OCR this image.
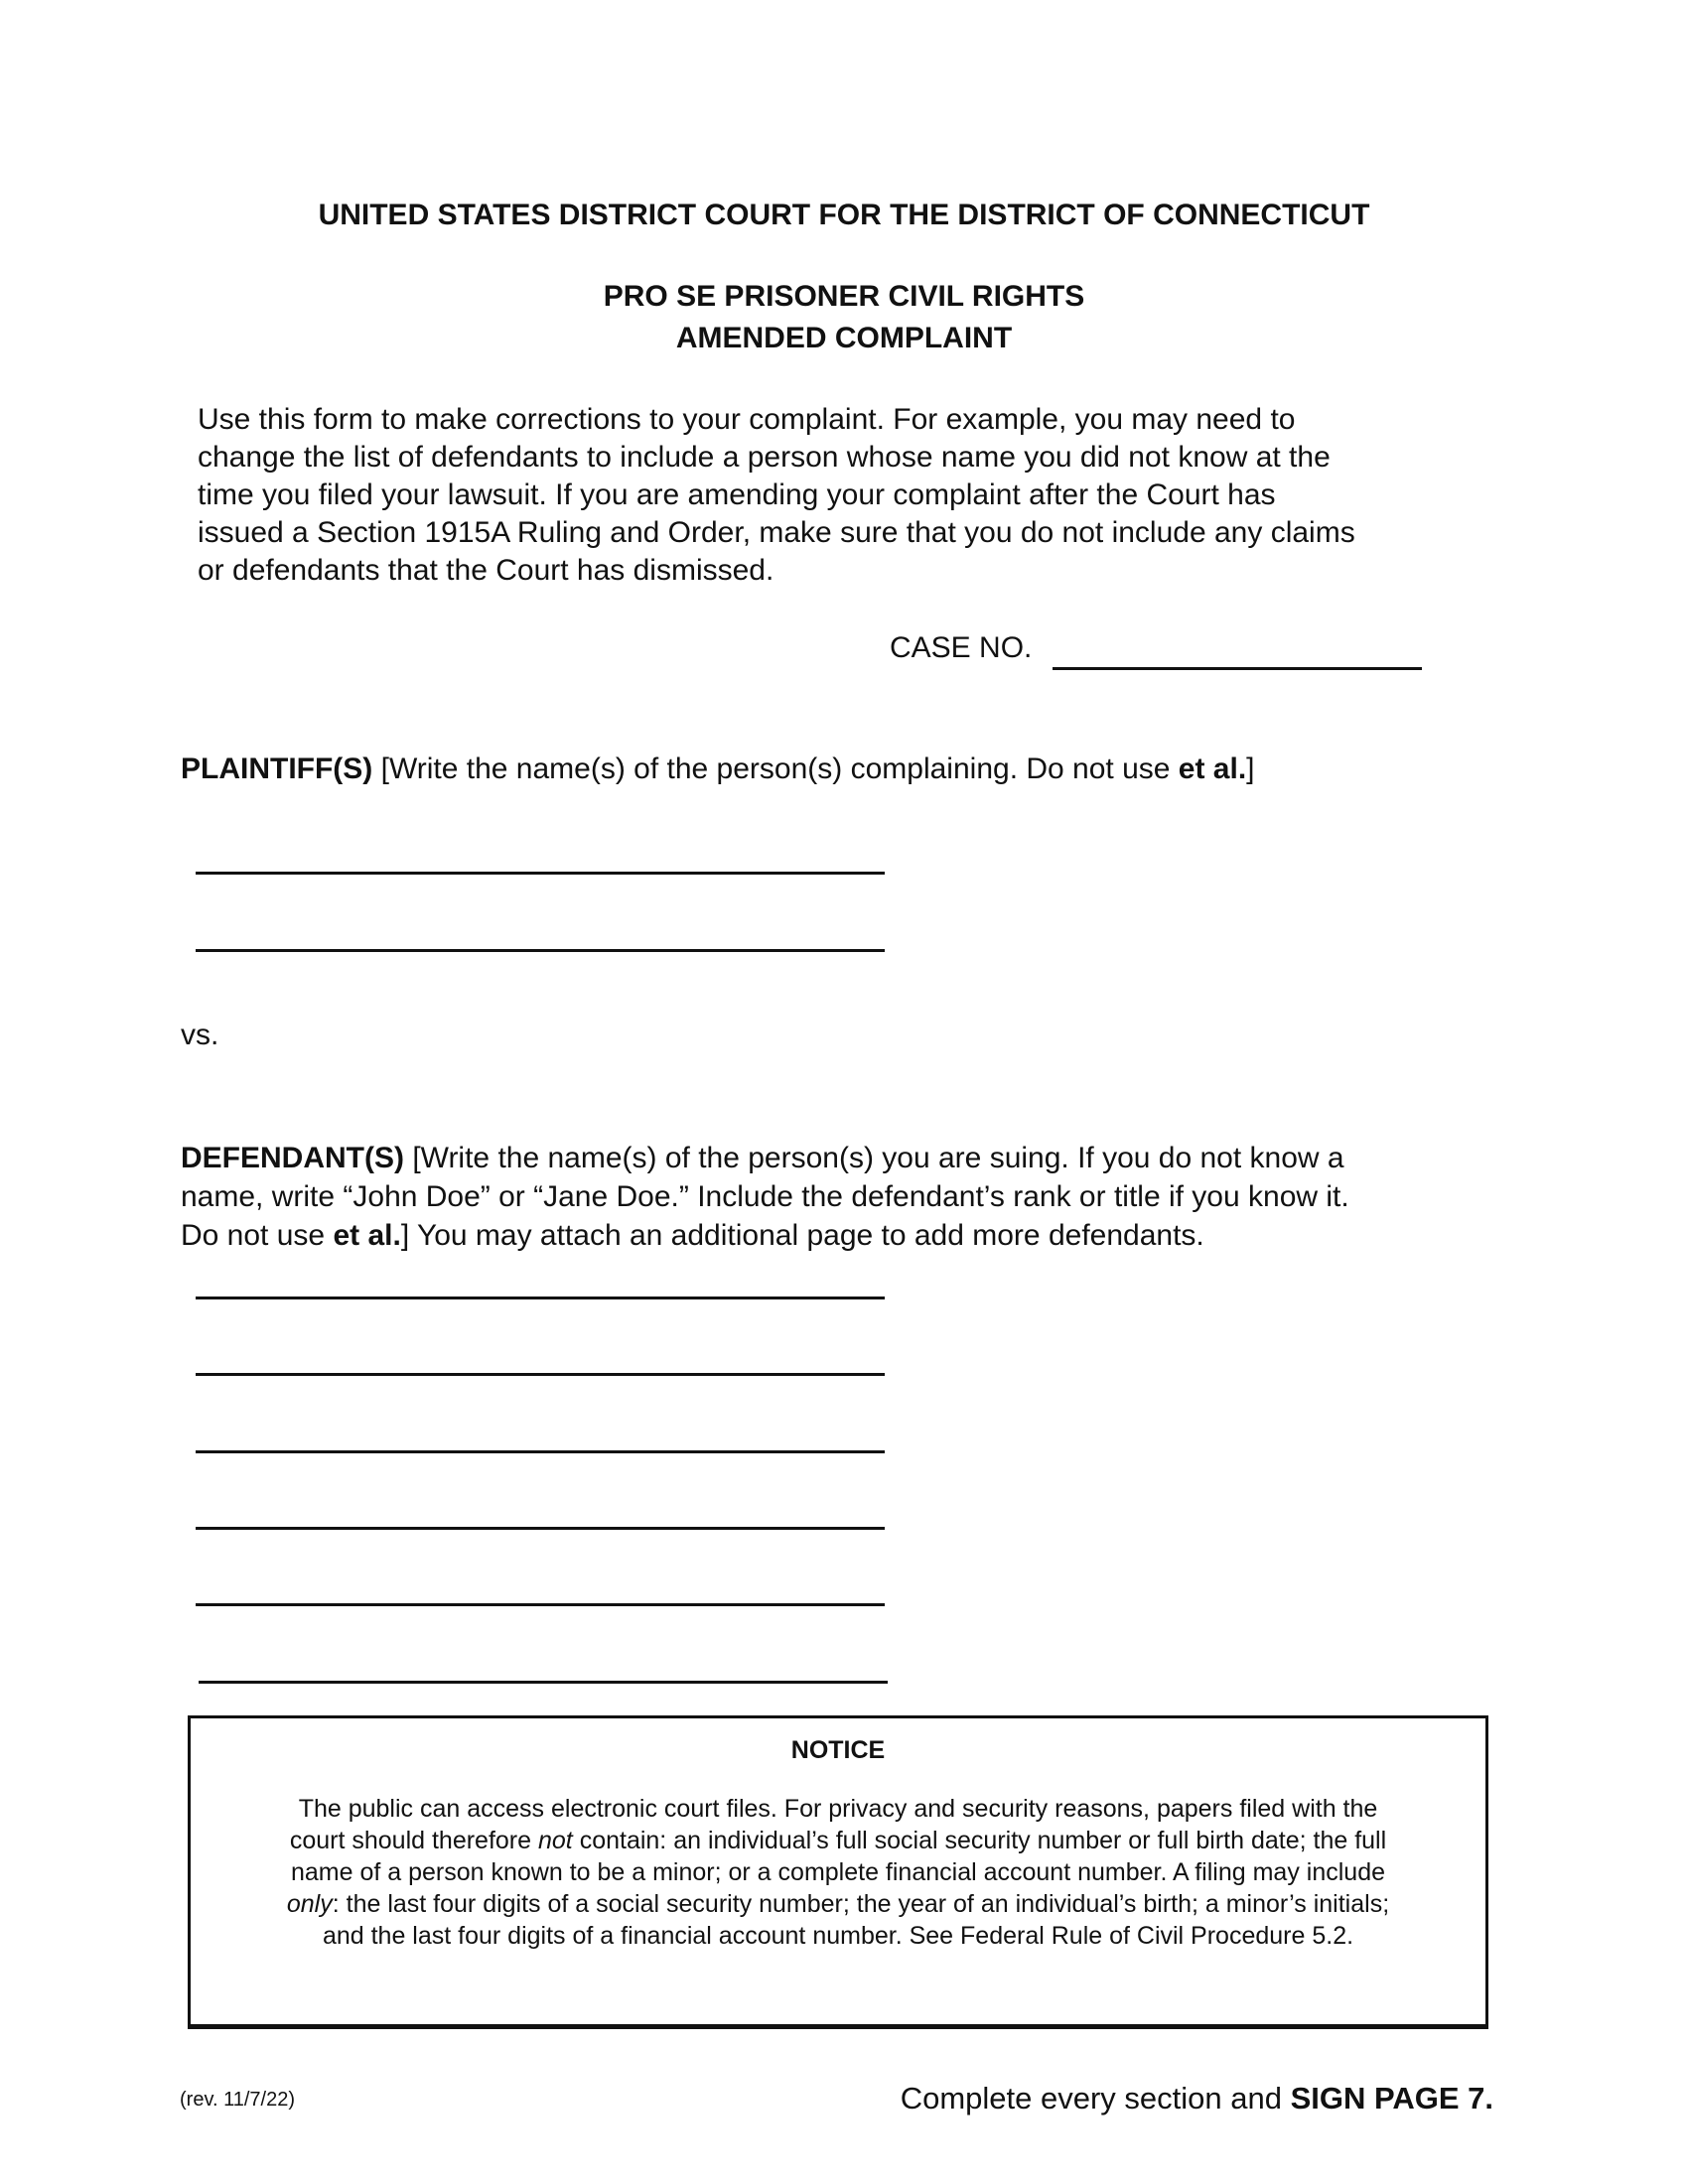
UNITED STATES DISTRICT COURT FOR THE DISTRICT OF CONNECTICUT
PRO SE PRISONER CIVIL RIGHTS
AMENDED COMPLAINT
Use this form to make corrections to your complaint. For example, you may need to
change the list of defendants to include a person whose name you did not know at the
time you filed your lawsuit. If you are amending your complaint after the Court has
issued a Section 1915A Ruling and Order, make sure that you do not include any claims
or defendants that the Court has dismissed.
CASE NO.
PLAINTIFF(S) [Write the name(s) of the person(s) complaining. Do not use et al.]
vs.
DEFENDANT(S) [Write the name(s) of the person(s) you are suing. If you do not know a
name, write “John Doe” or “Jane Doe.” Include the defendant’s rank or title if you know it.
Do not use et al.] You may attach an additional page to add more defendants.
NOTICE
The public can access electronic court files. For privacy and security reasons, papers filed with the
court should therefore not contain: an individual’s full social security number or full birth date; the full
name of a person known to be a minor; or a complete financial account number. A filing may include
only: the last four digits of a social security number; the year of an individual’s birth; a minor’s initials;
and the last four digits of a financial account number. See Federal Rule of Civil Procedure 5.2.
(rev. 11/7/22)	Complete every section and SIGN PAGE 7.
